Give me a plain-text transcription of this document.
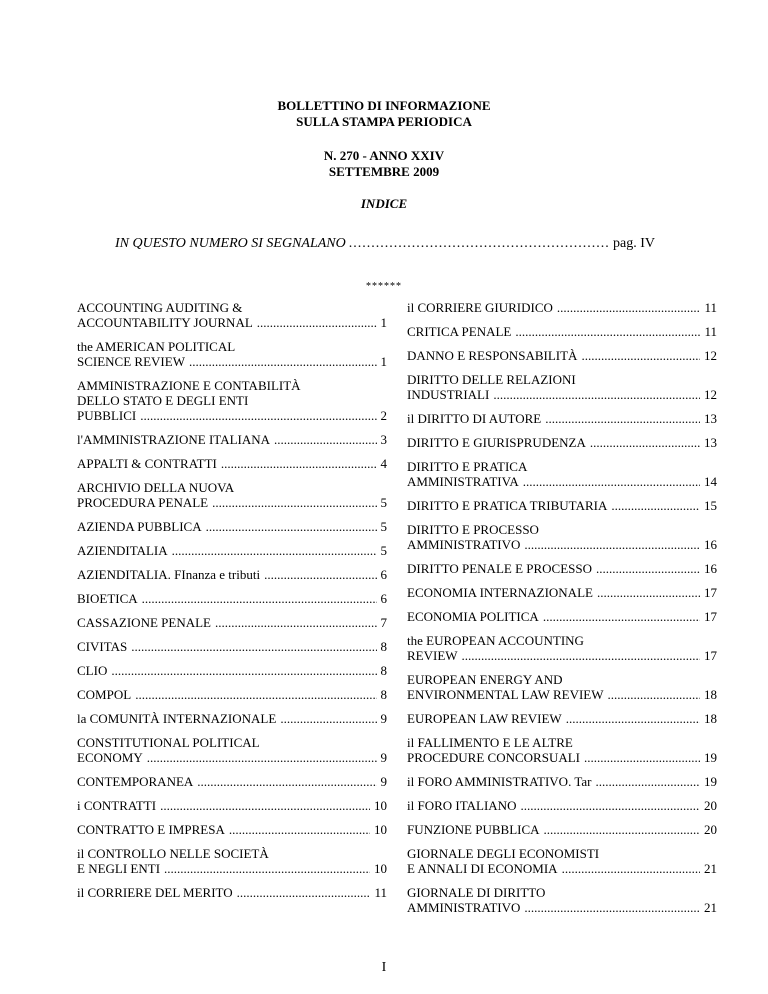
BOLLETTINO DI INFORMAZIONE
SULLA STAMPA PERIODICA
N. 270 - ANNO XXIV
SETTEMBRE 2009
INDICE
IN QUESTO NUMERO SI SEGNALANO .....	pag. IV
******
ACCOUNTING AUDITING &
ACCOUNTABILITY JOURNAL .....	1
the AMERICAN POLITICAL
SCIENCE REVIEW .....	1
AMMINISTRAZIONE E CONTABILITÀ
DELLO STATO E DEGLI ENTI
PUBBLICI .....	2
l'AMMINISTRAZIONE ITALIANA .....	3
APPALTI & CONTRATTI .....	4
ARCHIVIO DELLA NUOVA
PROCEDURA PENALE .....	5
AZIENDA PUBBLICA .....	5
AZIENDITALIA .....	5
AZIENDITALIA. FInanza e tributi .....	6
BIOETICA .....	6
CASSAZIONE PENALE .....	7
CIVITAS .....	8
CLIO .....	8
COMPOL .....	8
la COMUNITÀ INTERNAZIONALE .....	9
CONSTITUTIONAL POLITICAL
ECONOMY .....	9
CONTEMPORANEA .....	9
i CONTRATTI .....	10
CONTRATTO E IMPRESA .....	10
il CONTROLLO NELLE SOCIETÀ
E NEGLI ENTI .....	10
il CORRIERE DEL MERITO .....	11
il CORRIERE GIURIDICO .....	11
CRITICA PENALE .....	11
DANNO E RESPONSABILITÀ .....	12
DIRITTO DELLE RELAZIONI
INDUSTRIALI .....	12
il DIRITTO DI AUTORE .....	13
DIRITTO E GIURISPRUDENZA .....	13
DIRITTO E PRATICA
AMMINISTRATIVA .....	14
DIRITTO E PRATICA TRIBUTARIA .....	15
DIRITTO E PROCESSO
AMMINISTRATIVO .....	16
DIRITTO PENALE E PROCESSO .....	16
ECONOMIA INTERNAZIONALE .....	17
ECONOMIA POLITICA .....	17
the EUROPEAN ACCOUNTING
REVIEW .....	17
EUROPEAN ENERGY AND
ENVIRONMENTAL LAW REVIEW .....	18
EUROPEAN LAW REVIEW .....	18
il FALLIMENTO E LE ALTRE
PROCEDURE CONCORSUALI .....	19
il FORO AMMINISTRATIVO. Tar .....	19
il FORO ITALIANO .....	20
FUNZIONE PUBBLICA .....	20
GIORNALE DEGLI ECONOMISTI
E ANNALI DI ECONOMIA .....	21
GIORNALE DI DIRITTO
AMMINISTRATIVO .....	21
I
